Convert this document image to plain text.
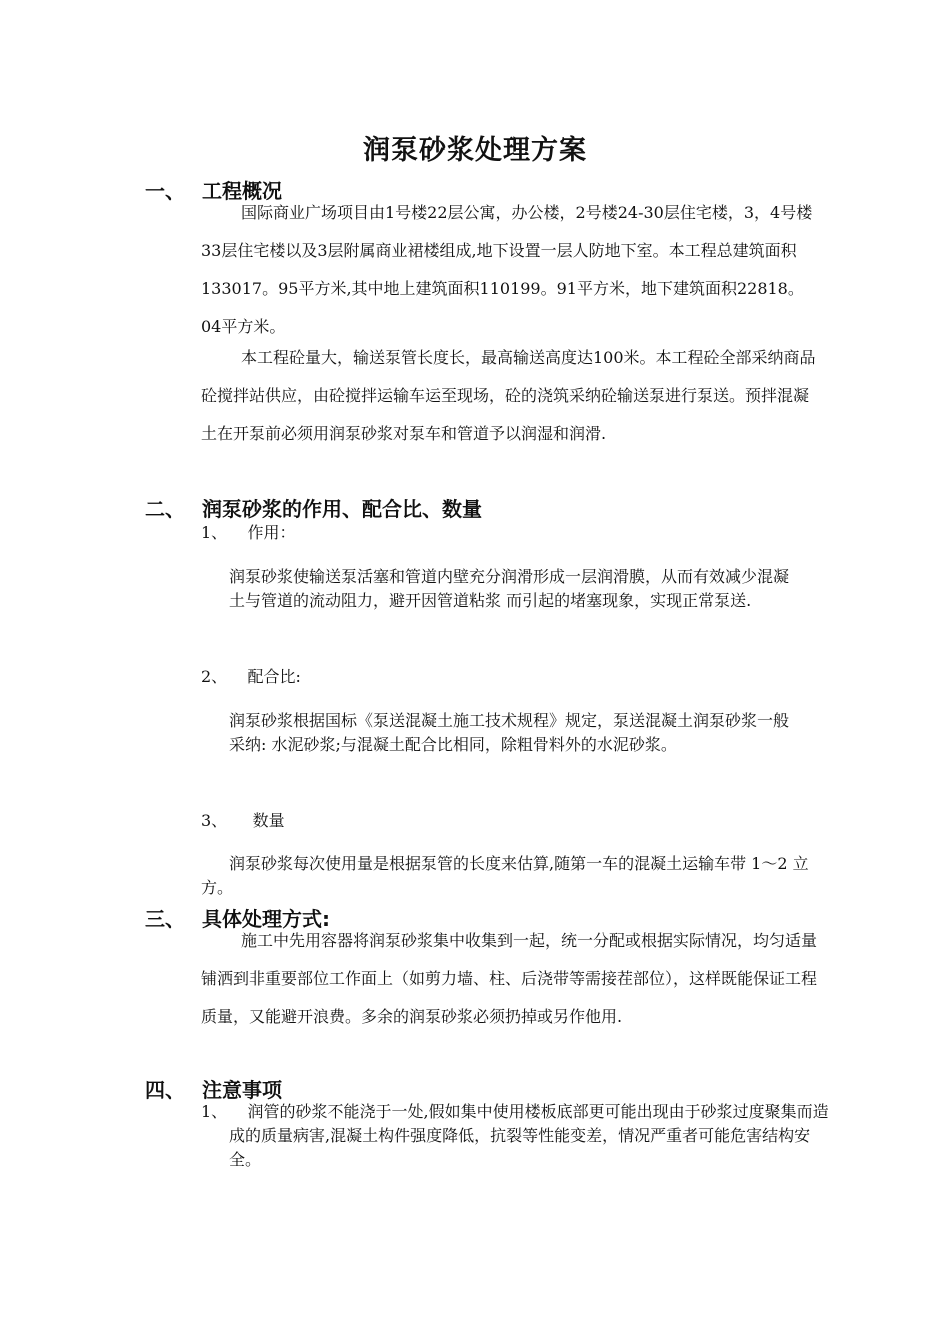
润泵砂浆处理方案
一、 工程概况
国际商业广场项目由1号楼22层公寓，办公楼，2号楼24-30层住宅楼，3，4号楼33层住宅楼以及3层附属商业裙楼组成,地下设置一层人防地下室。本工程总建筑面积133017。95平方米,其中地上建筑面积110199。91平方米，地下建筑面积22818。04平方米。
本工程砼量大，输送泵管长度长，最高输送高度达100米。本工程砼全部采纳商品砼搅拌站供应，由砼搅拌运输车运至现场，砼的浇筑采纳砼输送泵进行泵送。预拌混凝土在开泵前必须用润泵砂浆对泵车和管道予以润湿和润滑.
二、 润泵砂浆的作用、配合比、数量
1、    作用：
润泵砂浆使输送泵活塞和管道内壁充分润滑形成一层润滑膜，从而有效减少混凝土与管道的流动阻力，避开因管道粘浆 而引起的堵塞现象，实现正常泵送.
2、    配合比:
润泵砂浆根据国标《泵送混凝土施工技术规程》规定，泵送混凝土润泵砂浆一般采纳: 水泥砂浆;与混凝土配合比相同，除粗骨料外的水泥砂浆。
3、     数量
润泵砂浆每次使用量是根据泵管的长度来估算,随第一车的混凝土运输车带 1～2 立方。
三、 具体处理方式:
施工中先用容器将润泵砂浆集中收集到一起，统一分配或根据实际情况，均匀适量铺洒到非重要部位工作面上（如剪力墙、柱、后浇带等需接茬部位），这样既能保证工程质量，又能避开浪费。多余的润泵砂浆必须扔掉或另作他用.
四、 注意事项
1、    润管的砂浆不能浇于一处,假如集中使用楼板底部更可能出现由于砂浆过度聚集而造成的质量病害,混凝土构件强度降低，抗裂等性能变差，情况严重者可能危害结构安全。
